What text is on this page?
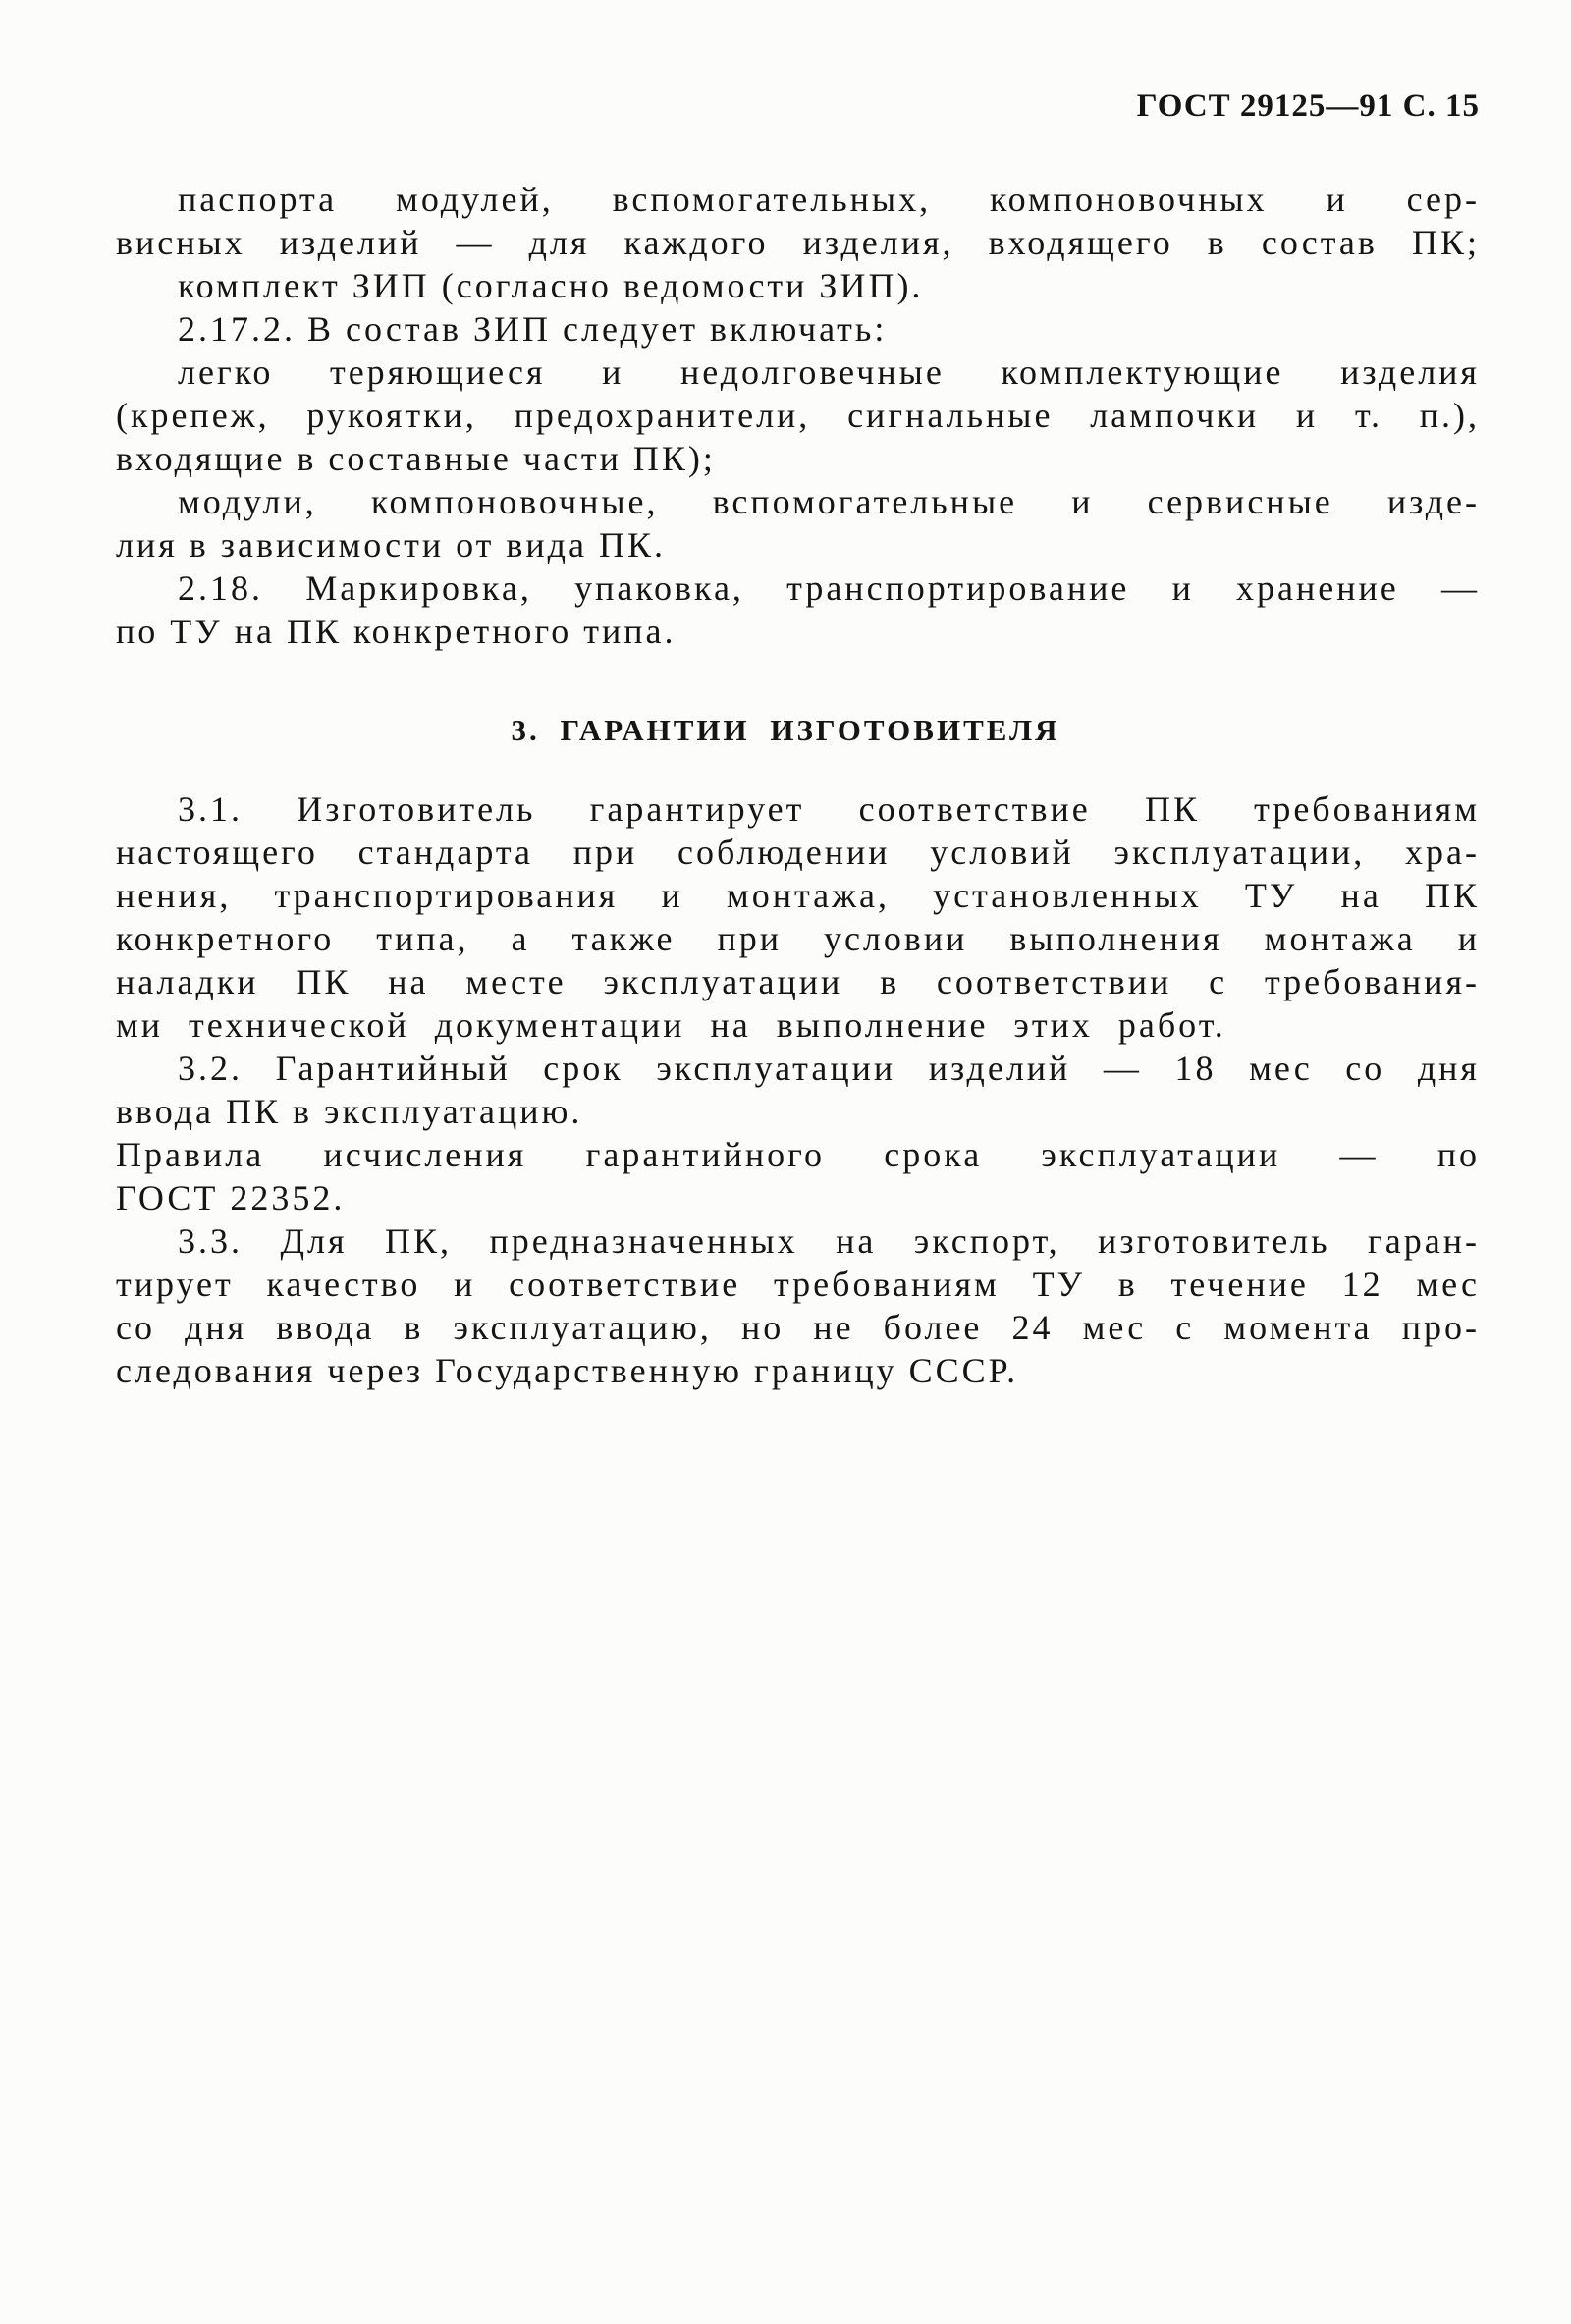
ГОСТ 29125—91 С. 15
паспорта модулей, вспомогательных, компоновочных и сер-
висных изделий — для каждого изделия, входящего в состав ПК;
комплект ЗИП (согласно ведомости ЗИП).
2.17.2. В состав ЗИП следует включать:
легко теряющиеся и недолговечные комплектующие изделия
(крепеж, рукоятки, предохранители, сигнальные лампочки и т. п.),
входящие в составные части ПК);
модули, компоновочные, вспомогательные и сервисные изде-
лия в зависимости от вида ПК.
2.18. Маркировка, упаковка, транспортирование и хранение —
по ТУ на ПК конкретного типа.
3. ГАРАНТИИ ИЗГОТОВИТЕЛЯ
3.1. Изготовитель гарантирует соответствие ПК требованиям
настоящего стандарта при соблюдении условий эксплуатации, хра-
нения, транспортирования и монтажа, установленных ТУ на ПК
конкретного типа, а также при условии выполнения монтажа и
наладки ПК на месте эксплуатации в соответствии с требования-
ми технической документации на выполнение этих работ.
3.2. Гарантийный срок эксплуатации изделий — 18 мес со дня
ввода ПК в эксплуатацию.
Правила исчисления гарантийного срока эксплуатации — по
ГОСТ 22352.
3.3. Для ПК, предназначенных на экспорт, изготовитель гаран-
тирует качество и соответствие требованиям ТУ в течение 12 мес
со дня ввода в эксплуатацию, но не более 24 мес с момента про-
следования через Государственную границу СССР.
